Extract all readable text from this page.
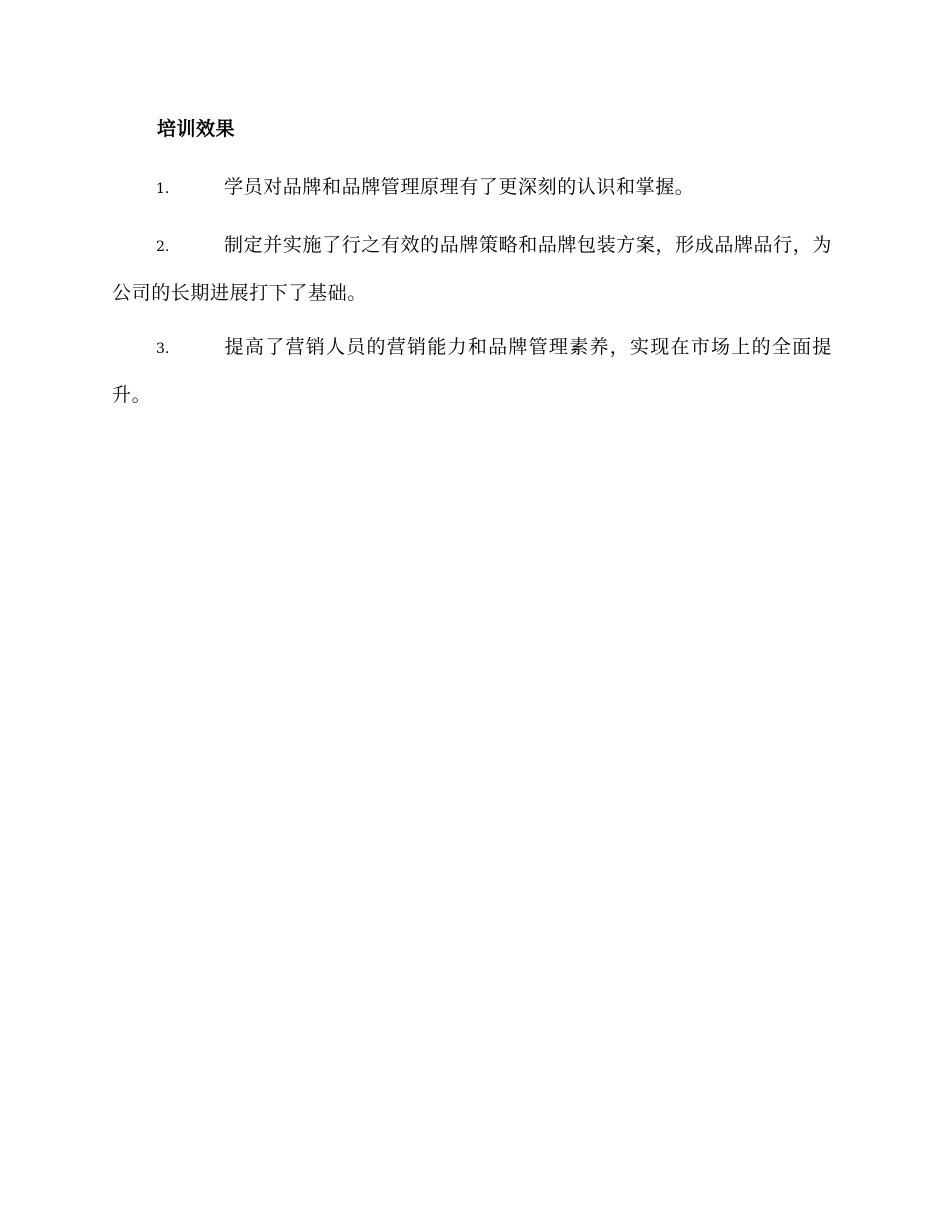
培训效果
1.	学员对品牌和品牌管理原理有了更深刻的认识和掌握。
2.	制定并实施了行之有效的品牌策略和品牌包装方案，形成品牌品行，为公司的长期进展打下了基础。
3.	提高了营销人员的营销能力和品牌管理素养，实现在市场上的全面提升。
